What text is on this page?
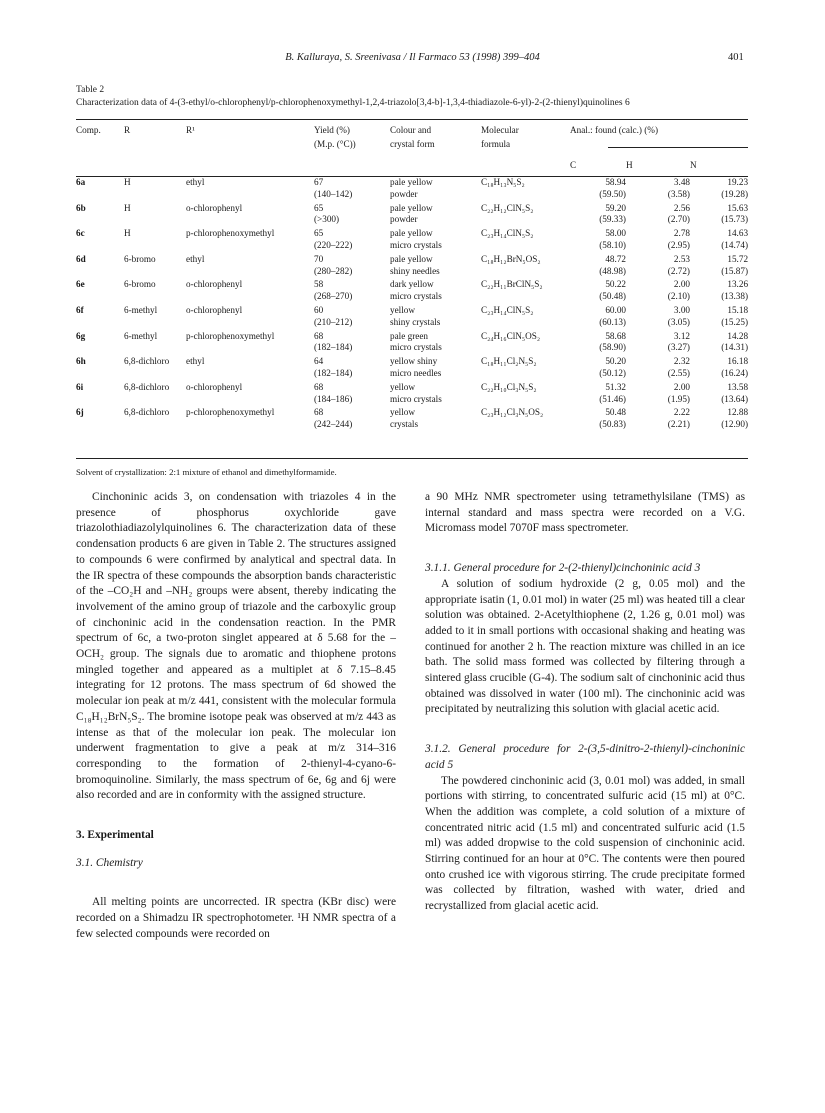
B. Kalluraya, S. Sreenivasa / Il Farmaco 53 (1998) 399–404	401
Table 2
Characterization data of 4-(3-ethyl/o-chlorophenyl/p-chlorophenoxymethyl-1,2,4-triazolo[3,4-b]-1,3,4-thiadiazole-6-yl)-2-(2-thienyl)quinolines 6
Comp.	R	R¹	Yield (%)	Colour and	Molecular	Anal.: found (calc.) (%)		
			(M.p. (°C))	crystal form	formula			
						C	H	N
6a	H	ethyl	67	pale yellow	C₁₈H₁₃N₅S₂	58.94	3.48	19.23
			(140–142)	powder		(59.50)	(3.58)	(19.28)
6b	H	o-chlorophenyl	65	pale yellow	C₂₂H₁₂ClN₅S₂	59.20	2.56	15.63
			(>300)	powder		(59.33)	(2.70)	(15.73)
6c	H	p-chlorophenoxymethyl	65	pale yellow	C₂₃H₁₄ClN₅S₂	58.00	2.78	14.63
			(220–222)	micro crystals		(58.10)	(2.95)	(14.74)
6d	6-bromo	ethyl	70	pale yellow	C₁₈H₁₂BrN₅OS₂	48.72	2.53	15.72
			(280–282)	shiny needles		(48.98)	(2.72)	(15.87)
6e	6-bromo	o-chlorophenyl	58	dark yellow	C₂₂H₁₁BrClN₅S₂	50.22	2.00	13.26
			(268–270)	micro crystals		(50.48)	(2.10)	(13.38)
6f	6-methyl	o-chlorophenyl	60	yellow	C₂₃H₁₄ClN₅S₂	60.00	3.00	15.18
			(210–212)	shiny crystals		(60.13)	(3.05)	(15.25)
6g	6-methyl	p-chlorophenoxymethyl	68	pale green	C₂₄H₁₆ClN₅OS₂	58.68	3.12	14.28
			(182–184)	micro crystals		(58.90)	(3.27)	(14.31)
6h	6,8-dichloro	ethyl	64	yellow shiny	C₁₈H₁₁Cl₂N₅S₂	50.20	2.32	16.18
			(182–184)	micro needles		(50.12)	(2.55)	(16.24)
6i	6,8-dichloro	o-chlorophenyl	68	yellow	C₂₂H₁₀Cl₃N₅S₂	51.32	2.00	13.58
			(184–186)	micro crystals		(51.46)	(1.95)	(13.64)
6j	6,8-dichloro	p-chlorophenoxymethyl	68	yellow	C₂₃H₁₂Cl₃N₅OS₂	50.48	2.22	12.88
			(242–244)	crystals		(50.83)	(2.21)	(12.90)
Solvent of crystallization: 2:1 mixture of ethanol and dimethylformamide.

Cinchoninic acids 3, on condensation with triazoles 4 in the presence of phosphorus oxychloride gave triazolothiadiazolylquinolines 6. The characterization data of these condensation products 6 are given in Table 2. The structures assigned to compounds 6 were confirmed by analytical and spectral data. In the IR spectra of these compounds the absorption bands characteristic of the –CO₂H and –NH₂ groups were absent, thereby indicating the involvement of the amino group of triazole and the carboxylic group of cinchoninic acid in the condensation reaction. In the PMR spectrum of 6c, a two-proton singlet appeared at δ 5.68 for the –OCH₂ group. The signals due to aromatic and thiophene protons mingled together and appeared as a multiplet at δ 7.15–8.45 integrating for 12 protons. The mass spectrum of 6d showed the molecular ion peak at m/z 441, consistent with the molecular formula C₁₈H₁₂BrN₅S₂. The bromine isotope peak was observed at m/z 443 as intense as that of the molecular ion peak. The molecular ion underwent fragmentation to give a peak at m/z 314–316 corresponding to the formation of 2-thienyl-4-cyano-6-bromoquinoline. Similarly, the mass spectrum of 6e, 6g and 6j were also recorded and are in conformity with the assigned structure.

3. Experimental
3.1. Chemistry

All melting points are uncorrected. IR spectra (KBr disc) were recorded on a Shimadzu IR spectrophotometer. ¹H NMR spectra of a few selected compounds were recorded on

a 90 MHz NMR spectrometer using tetramethylsilane (TMS) as internal standard and mass spectra were recorded on a V.G. Micromass model 7070F mass spectrometer.

3.1.1. General procedure for 2-(2-thienyl)cinchoninic acid 3

A solution of sodium hydroxide (2 g, 0.05 mol) and the appropriate isatin (1, 0.01 mol) in water (25 ml) was heated till a clear solution was obtained. 2-Acetylthiophene (2, 1.26 g, 0.01 mol) was added to it in small portions with occasional shaking and heating was continued for another 2 h. The reaction mixture was chilled in an ice bath. The solid mass formed was collected by filtering through a sintered glass crucible (G-4). The sodium salt of cinchoninic acid thus obtained was dissolved in water (100 ml). The cinchoninic acid was precipitated by neutralizing this solution with glacial acetic acid.

3.1.2. General procedure for 2-(3,5-dinitro-2-thienyl)-cinchoninic acid 5

The powdered cinchoninic acid (3, 0.01 mol) was added, in small portions with stirring, to concentrated sulfuric acid (15 ml) at 0°C. When the addition was complete, a cold solution of a mixture of concentrated nitric acid (1.5 ml) and concentrated sulfuric acid (1.5 ml) was added dropwise to the cold suspension of cinchoninic acid. Stirring continued for an hour at 0°C. The contents were then poured onto crushed ice with vigorous stirring. The crude precipitate formed was collected by filtration, washed with water, dried and recrystallized from glacial acetic acid.
